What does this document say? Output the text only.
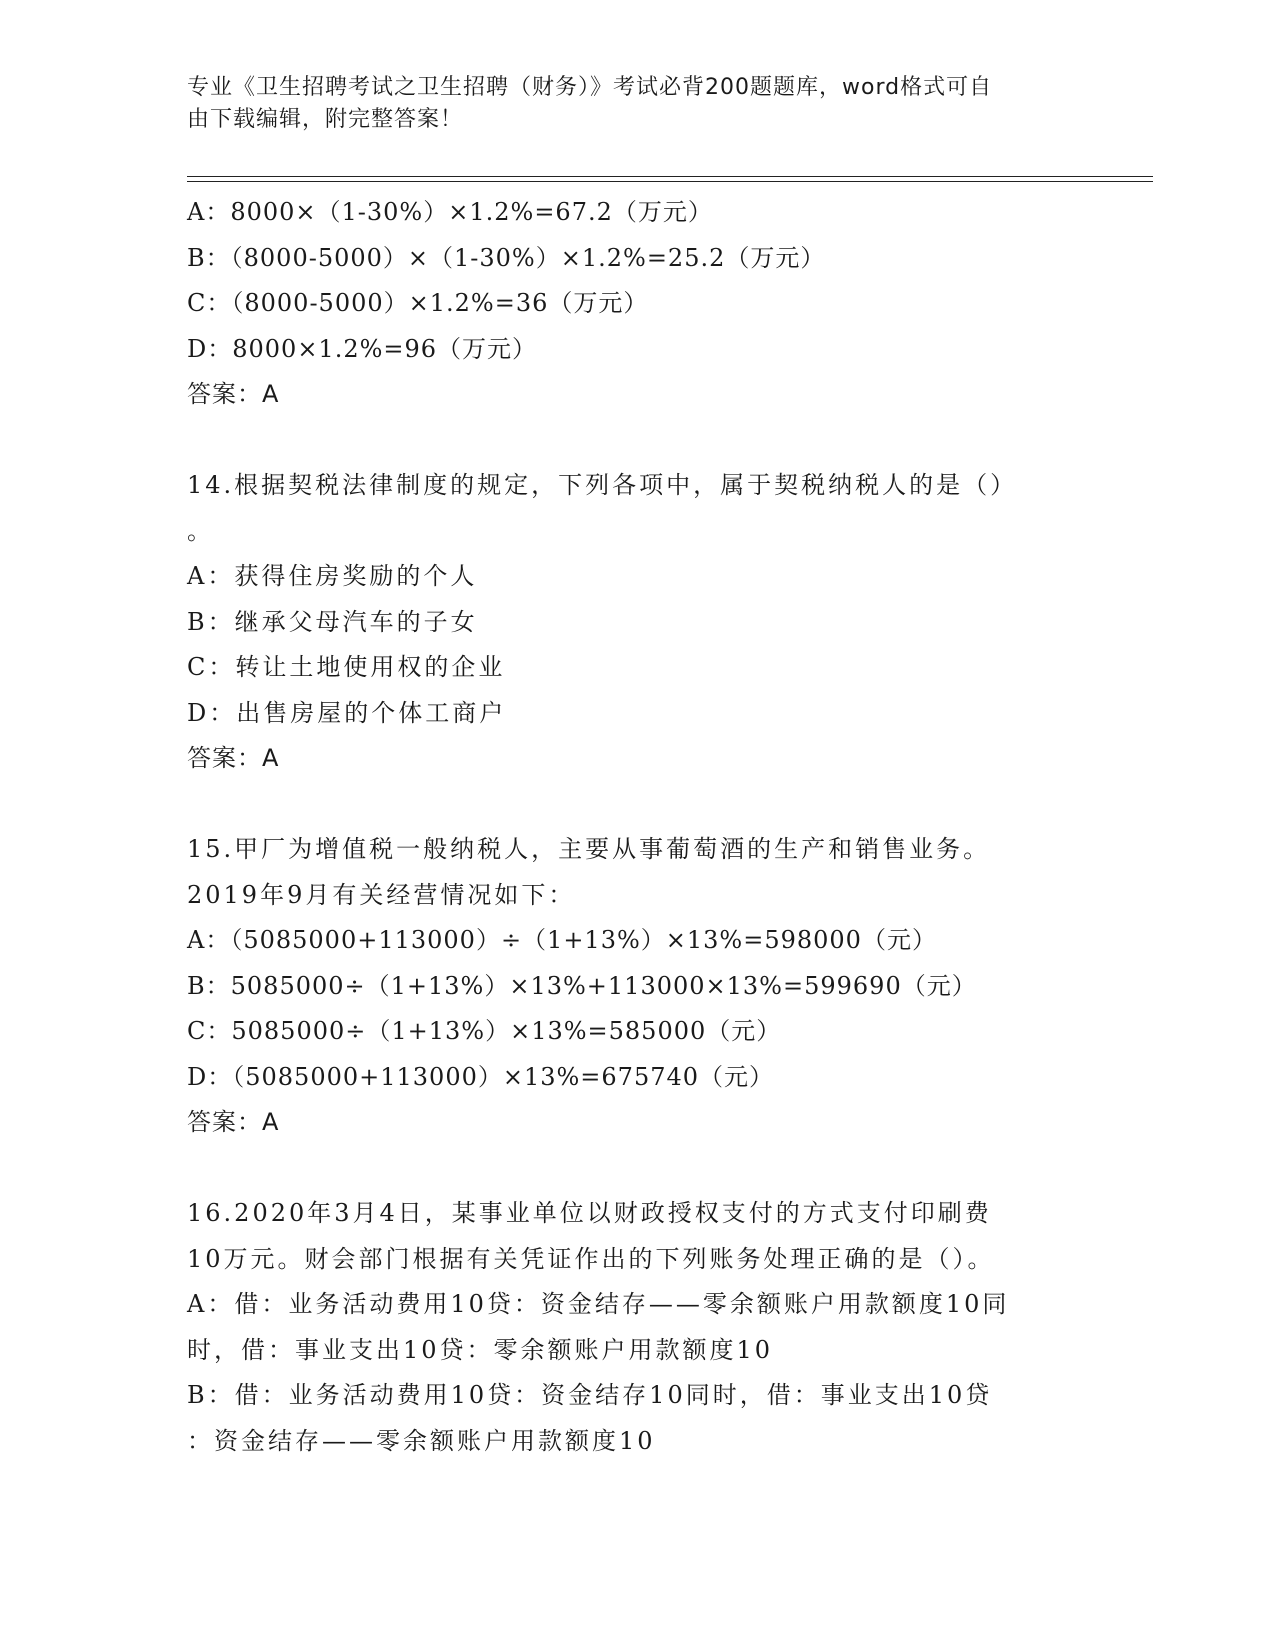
专业《卫生招聘考试之卫生招聘（财务）》考试必背200题题库，word格式可自
由下载编辑，附完整答案！
A：8000×（1-30%）×1.2%=67.2（万元）
B：（8000-5000）×（1-30%）×1.2%=25.2（万元）
C：（8000-5000）×1.2%=36（万元）
D：8000×1.2%=96（万元）
答案：A
14.根据契税法律制度的规定，下列各项中，属于契税纳税人的是（）
。
A：获得住房奖励的个人
B：继承父母汽车的子女
C：转让土地使用权的企业
D：出售房屋的个体工商户
答案：A
15.甲厂为增值税一般纳税人，主要从事葡萄酒的生产和销售业务。
2019年9月有关经营情况如下：
A：（5085000+113000）÷（1+13%）×13%=598000（元）
B：5085000÷（1+13%）×13%+113000×13%=599690（元）
C：5085000÷（1+13%）×13%=585000（元）
D：（5085000+113000）×13%=675740（元）
答案：A
16.2020年3月4日，某事业单位以财政授权支付的方式支付印刷费
10万元。财会部门根据有关凭证作出的下列账务处理正确的是（）。
A：借：业务活动费用10贷：资金结存——零余额账户用款额度10同
时，借：事业支出10贷：零余额账户用款额度10
B：借：业务活动费用10贷：资金结存10同时，借：事业支出10贷
：资金结存——零余额账户用款额度10
